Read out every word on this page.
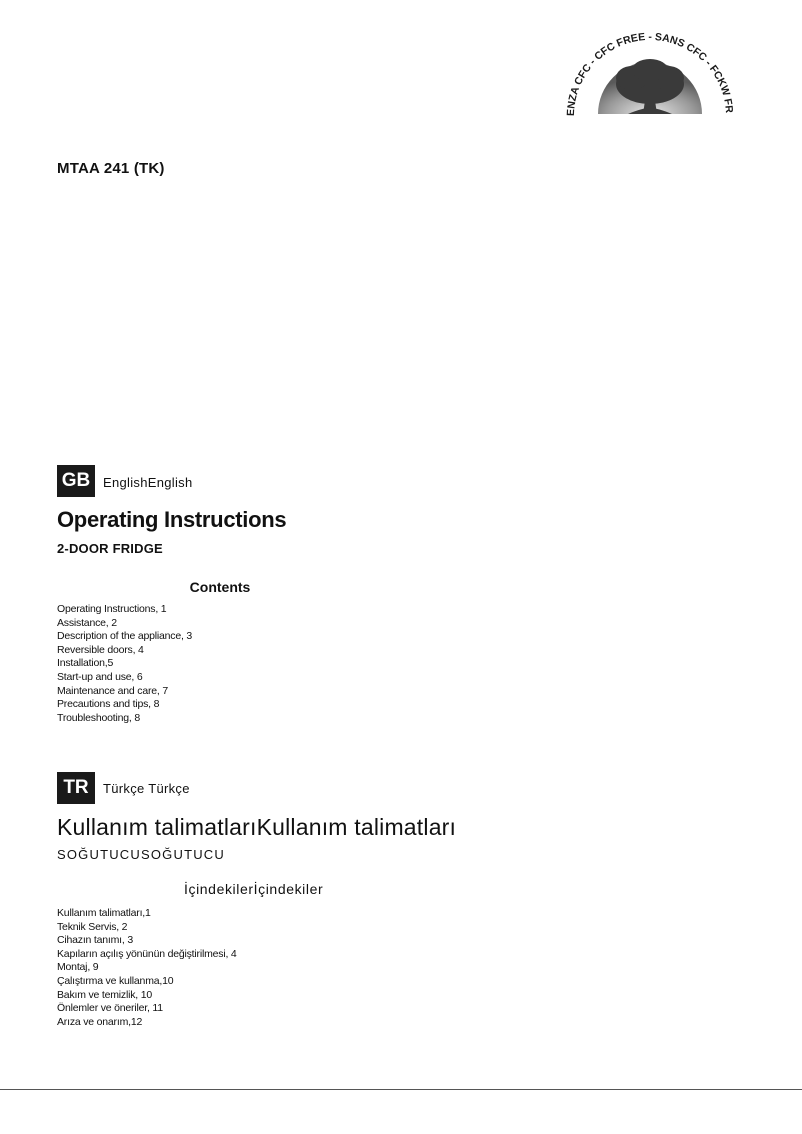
ENZA CFC - CFC FREE - SANS CFC - FCKW FR
MTAA 241 (TK)
GB EnglishEnglish
Operating Instructions
2-DOOR FRIDGE
Contents
Operating Instructions, 1
Assistance, 2
Description of the appliance, 3
Reversible doors, 4
Installation,5
Start-up and use, 6
Maintenance and care, 7
Precautions and tips, 8
Troubleshooting, 8
TR	Türkçe Türkçe
Kullanım talimatlarıKullanım talimatları
SOĞUTUCUSOĞUTUCU
İçindekilerİçindekiler
Kullanım talimatları,1
Teknik Servis, 2
Cihazın tanımı, 3
Kapıların açılış yönünün değiştirilmesi, 4
Montaj, 9
Çalıştırma ve kullanma,10
Bakım ve temizlik, 10
Önlemler ve öneriler, 11
Arıza ve onarım,12
